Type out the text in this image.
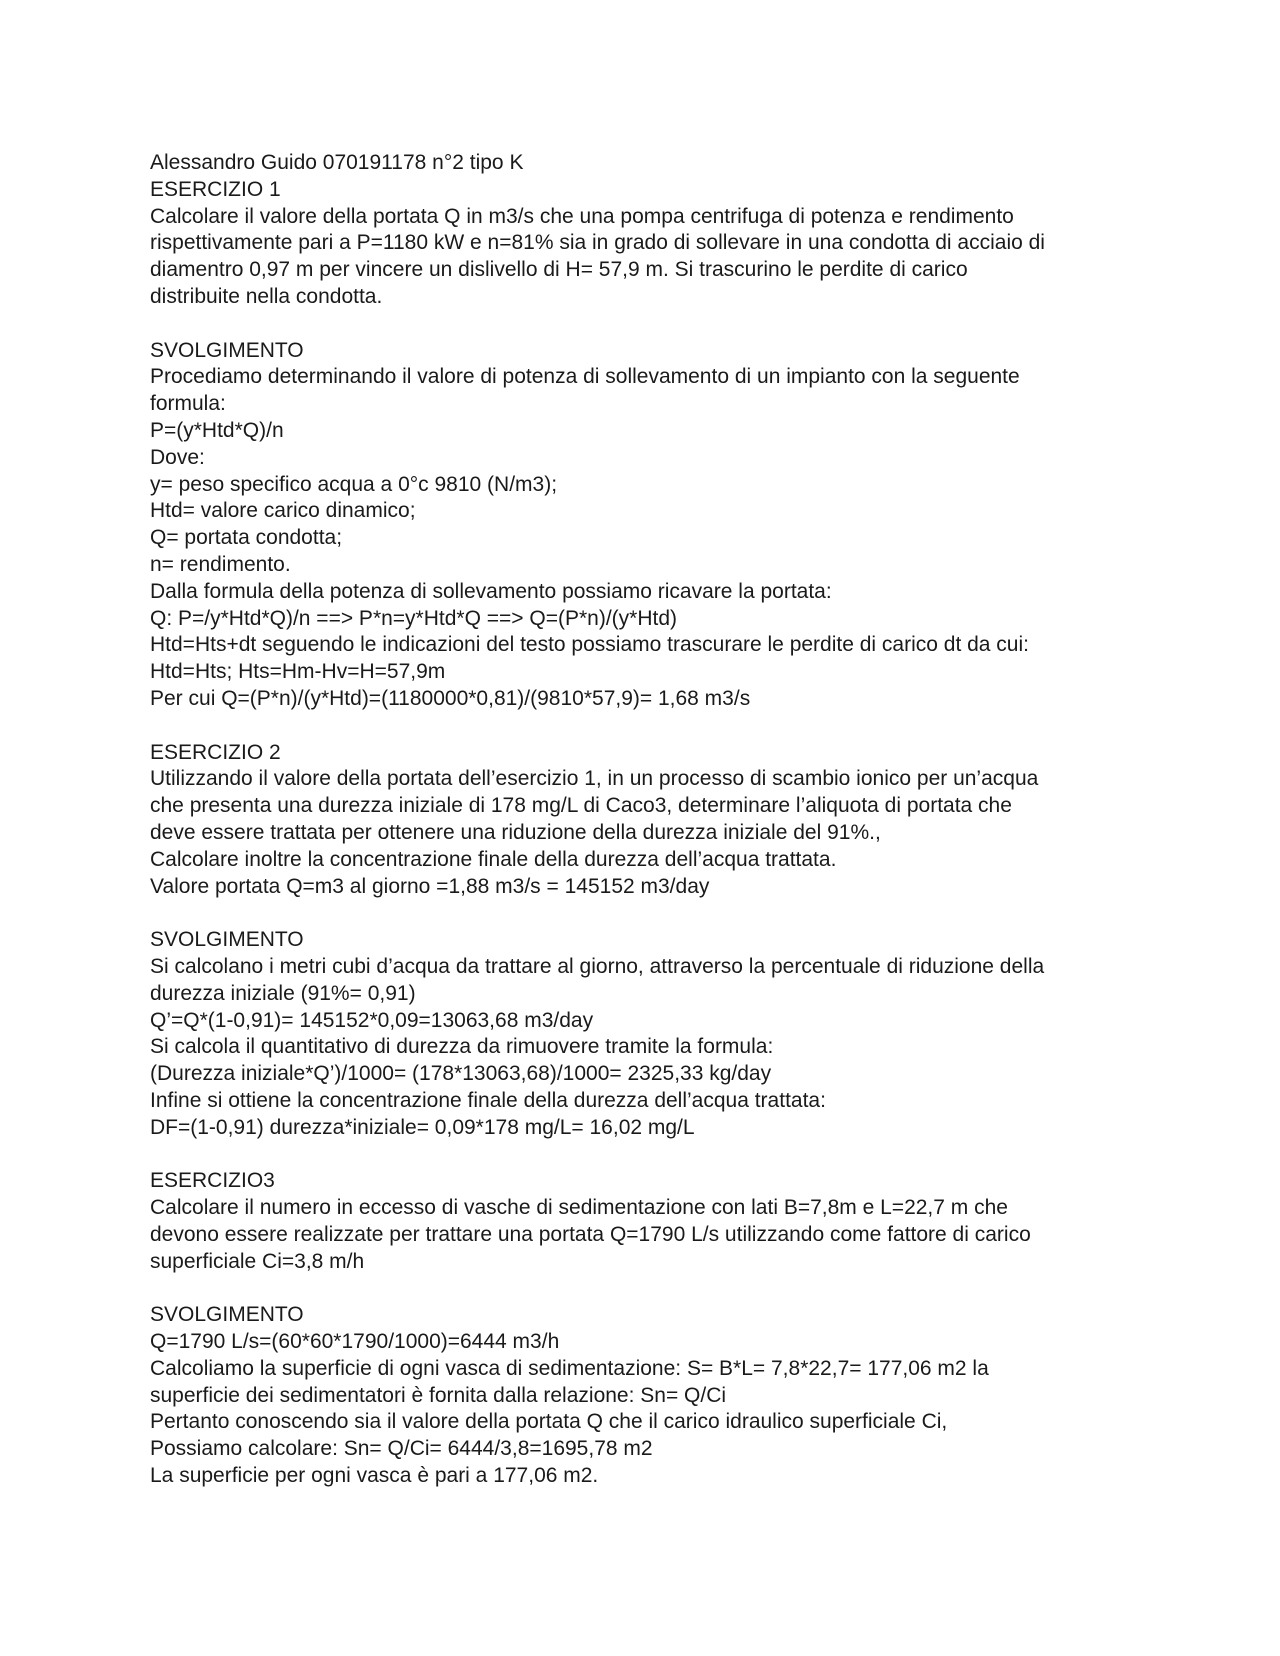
Alessandro Guido 070191178 n°2 tipo K
ESERCIZIO 1
Calcolare il valore della portata Q in m3/s che una pompa centrifuga di potenza e rendimento
rispettivamente pari a P=1180 kW e n=81% sia in grado di sollevare in una condotta di acciaio di
diamentro 0,97 m per vincere un dislivello di H= 57,9 m. Si trascurino le perdite di carico
distribuite nella condotta.
SVOLGIMENTO
Procediamo determinando il valore di potenza di sollevamento di un impianto con la seguente
formula:
P=(y*Htd*Q)/n
Dove:
y= peso specifico acqua a 0°c 9810 (N/m3);
Htd= valore carico dinamico;
Q= portata condotta;
n= rendimento.
Dalla formula della potenza di sollevamento possiamo ricavare la portata:
Q: P=/y*Htd*Q)/n ==> P*n=y*Htd*Q ==> Q=(P*n)/(y*Htd)
Htd=Hts+dt seguendo le indicazioni del testo possiamo trascurare le perdite di carico dt da cui:
Htd=Hts; Hts=Hm-Hv=H=57,9m
Per cui Q=(P*n)/(y*Htd)=(1180000*0,81)/(9810*57,9)= 1,68 m3/s
ESERCIZIO 2
Utilizzando il valore della portata dell’esercizio 1, in un processo di scambio ionico per un’acqua
che presenta una durezza iniziale di 178 mg/L di Caco3, determinare l’aliquota di portata che
deve essere trattata per ottenere una riduzione della durezza iniziale del 91%.,
Calcolare inoltre la concentrazione finale della durezza dell’acqua trattata.
Valore portata Q=m3 al giorno =1,88 m3/s = 145152 m3/day
SVOLGIMENTO
Si calcolano i metri cubi d’acqua da trattare al giorno, attraverso la percentuale di riduzione della
durezza iniziale (91%= 0,91)
Q’=Q*(1-0,91)= 145152*0,09=13063,68 m3/day
Si calcola il quantitativo di durezza da rimuovere tramite la formula:
(Durezza iniziale*Q’)/1000= (178*13063,68)/1000= 2325,33 kg/day
Infine si ottiene la concentrazione finale della durezza dell’acqua trattata:
DF=(1-0,91) durezza*iniziale= 0,09*178 mg/L= 16,02 mg/L
ESERCIZIO3
Calcolare il numero in eccesso di vasche di sedimentazione con lati B=7,8m e L=22,7 m che
devono essere realizzate per trattare una portata Q=1790 L/s utilizzando come fattore di carico
superficiale Ci=3,8 m/h
SVOLGIMENTO
Q=1790 L/s=(60*60*1790/1000)=6444 m3/h
Calcoliamo la superficie di ogni vasca di sedimentazione: S= B*L= 7,8*22,7= 177,06 m2 la
superficie dei sedimentatori è fornita dalla relazione: Sn= Q/Ci
Pertanto conoscendo sia il valore della portata Q che il carico idraulico superficiale Ci,
Possiamo calcolare: Sn= Q/Ci= 6444/3,8=1695,78 m2
La superficie per ogni vasca è pari a 177,06 m2.
